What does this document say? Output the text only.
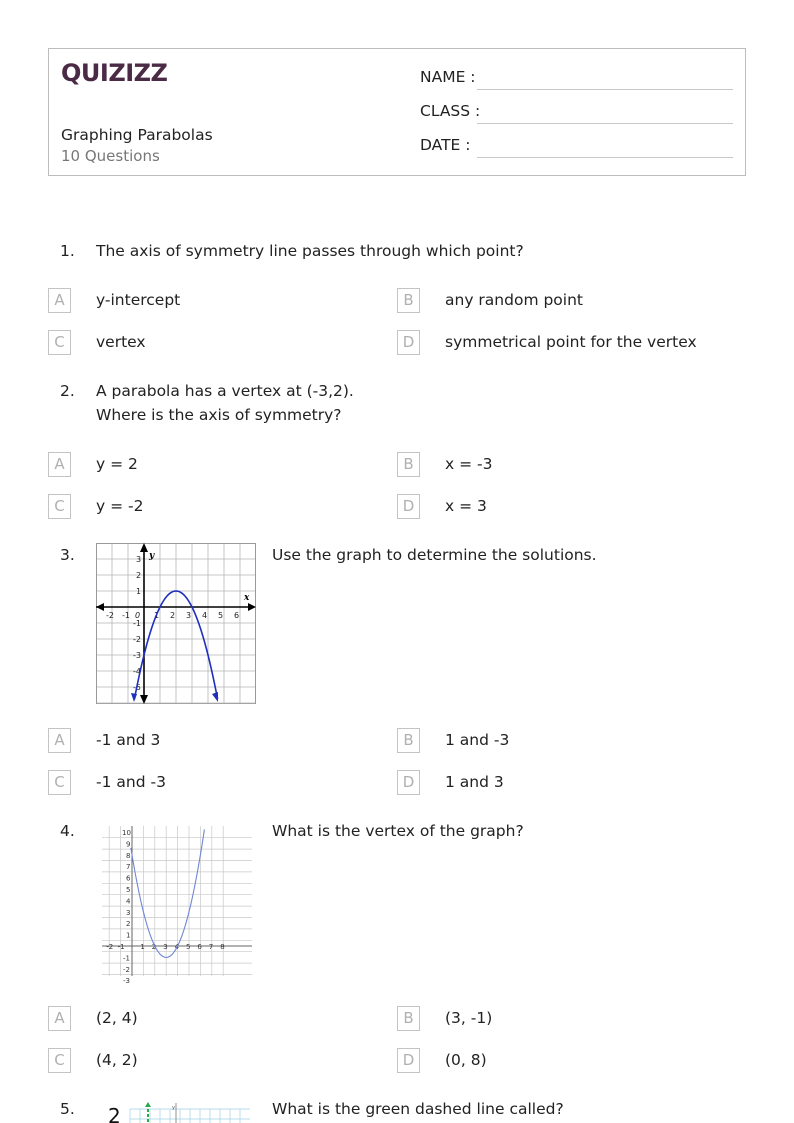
QUIZIZZ
Graphing Parabolas
10 Questions
NAME :
CLASS :
DATE :
1. The axis of symmetry line passes through which point?
A	y-intercept	B	any random point
C	vertex	D	symmetrical point for the vertex
2. A parabola has a vertex at (-3,2).
Where is the axis of symmetry?
A	y = 2	B	x = -3
C	y = -2	D	x = 3
3.
-2 -1 0 1 2 3 4 5 6
3
2
1
-1
-2
-3
-4
-5
y
x
Use the graph to determine the solutions.
A	-1 and 3	B	1 and -3
C	-1 and -3	D	1 and 3
4.
-2 -1 1 2 3 4 5 6 7 8
10
9
8
7
6
5
4
3
2
1
-1
-2
-3
What is the vertex of the graph?
A	(2, 4)	B	(3, -1)
C	(4, 2)	D	(0, 8)
5. 2	y	What is the green dashed line called?
